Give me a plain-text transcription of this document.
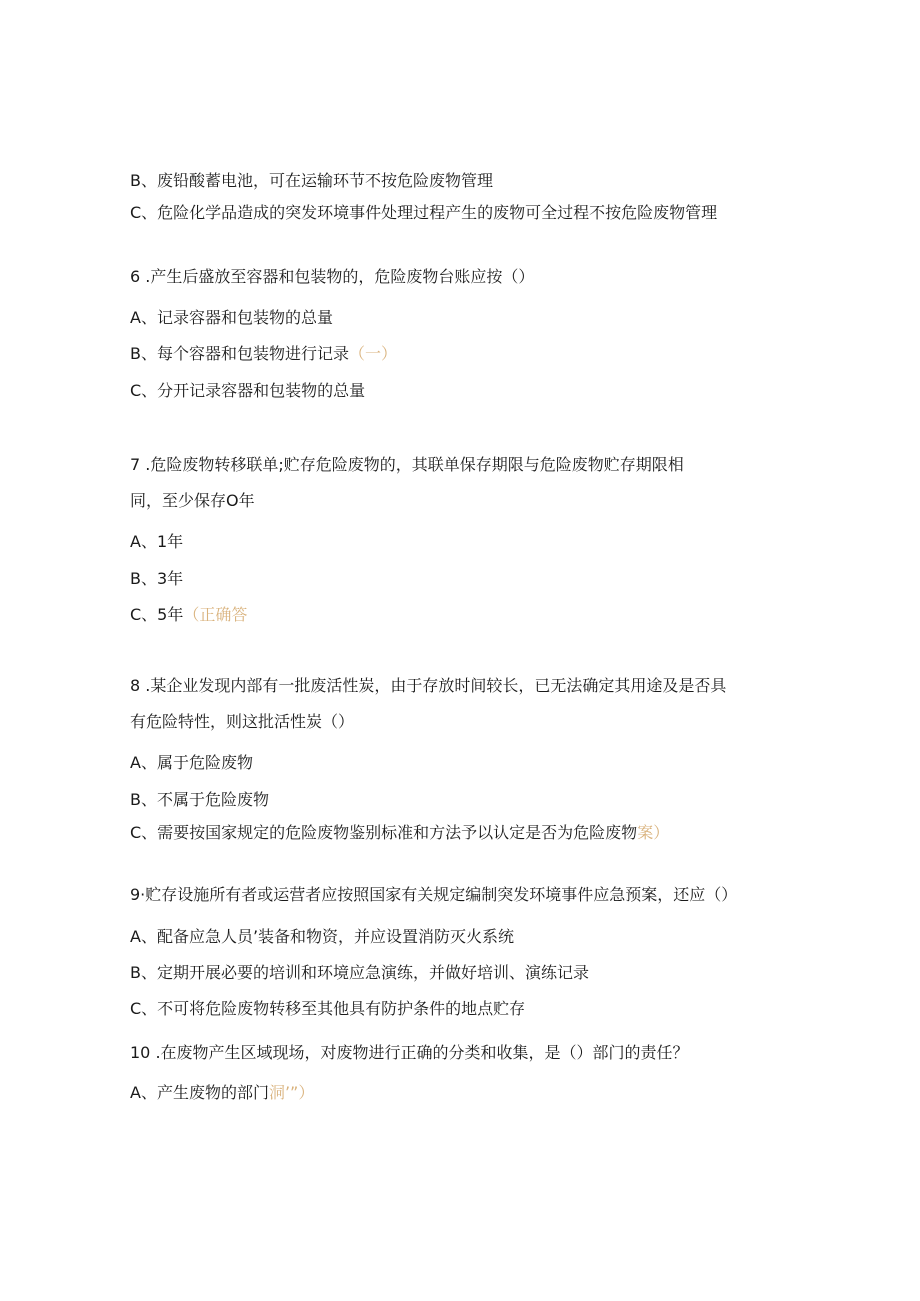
B、废铅酸蓄电池，可在运输环节不按危险废物管理
C、危险化学品造成的突发环境事件处理过程产生的废物可全过程不按危险废物管理
6 .产生后盛放至容器和包装物的，危险废物台账应按（）
A、记录容器和包装物的总量
B、每个容器和包装物进行记录（一）
C、分开记录容器和包装物的总量
7 .危险废物转移联单;贮存危险废物的，其联单保存期限与危险废物贮存期限相
同，至少保存O年
A、1年
B、3年
C、5年（正确答
8 .某企业发现内部有一批废活性炭，由于存放时间较长，已无法确定其用途及是否具
有危险特性，则这批活性炭（）
A、属于危险废物
B、不属于危险废物
C、需要按国家规定的危险废物鉴别标准和方法予以认定是否为危险废物案）
9·贮存设施所有者或运营者应按照国家有关规定编制突发环境事件应急预案，还应（）
A、配备应急人员’装备和物资，并应设置消防灭火系统
B、定期开展必要的培训和环境应急演练，并做好培训、演练记录
C、不可将危险废物转移至其他具有防护条件的地点贮存
10 .在废物产生区域现场，对废物进行正确的分类和收集，是（）部门的责任？
A、产生废物的部门洞’”）
